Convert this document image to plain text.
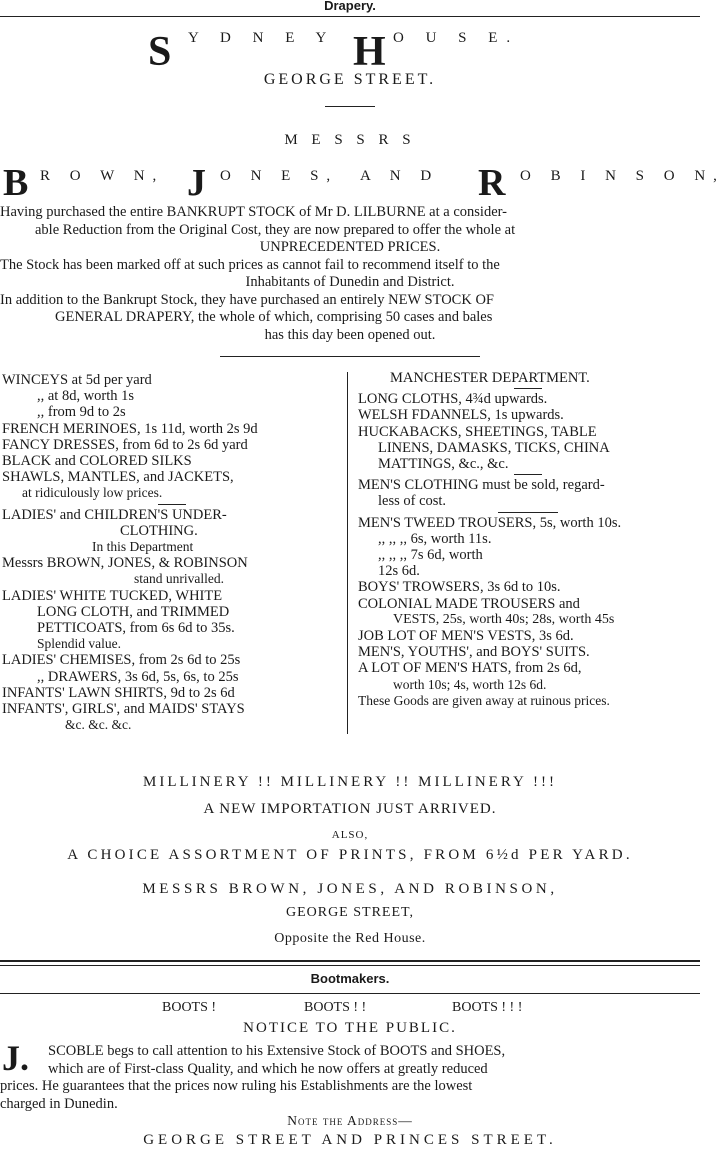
Drapery.
S Y D N E Y H O U S E.
GEORGE STREET.
M E S S R S
B R O W N, J O N E S, A N D R O B I N S O N,
Having purchased the entire BANKRUPT STOCK of Mr D. LILBURNE at a consider-
able Reduction from the Original Cost, they are now prepared to offer the whole at
UNPRECEDENTED PRICES.
The Stock has been marked off at such prices as cannot fail to recommend itself to the
Inhabitants of Dunedin and District.
In addition to the Bankrupt Stock, they have purchased an entirely NEW STOCK OF
GENERAL DRAPERY, the whole of which, comprising 50 cases and bales
has this day been opened out.
WINCEYS at 5d per yard
,, at 8d, worth 1s
,, from 9d to 2s
FRENCH MERINOES, 1s 11d, worth 2s 9d
FANCY DRESSES, from 6d to 2s 6d yard
BLACK and COLORED SILKS
SHAWLS, MANTLES, and JACKETS,
at ridiculously low prices.
LADIES' and CHILDREN'S UNDER-
CLOTHING.
In this Department
Messrs BROWN, JONES, & ROBINSON
stand unrivalled.
LADIES' WHITE TUCKED, WHITE
LONG CLOTH, and TRIMMED
PETTICOATS, from 6s 6d to 35s.
Splendid value.
LADIES' CHEMISES, from 2s 6d to 25s
,, DRAWERS, 3s 6d, 5s, 6s, to 25s
INFANTS' LAWN SHIRTS, 9d to 2s 6d
INFANTS', GIRLS', and MAIDS' STAYS
&c. &c. &c.
MANCHESTER DEPARTMENT.
LONG CLOTHS, 4¾d upwards.
WELSH FDANNELS, 1s upwards.
HUCKABACKS, SHEETINGS, TABLE
LINENS, DAMASKS, TICKS, CHINA
MATTINGS, &c., &c.
MEN'S CLOTHING must be sold, regard-
less of cost.
MEN'S TWEED TROUSERS, 5s, worth 10s.
,, ,, ,, 6s, worth 11s.
,, ,, ,, 7s 6d, worth
12s 6d.
BOYS' TROWSERS, 3s 6d to 10s.
COLONIAL MADE TROUSERS and
VESTS, 25s, worth 40s; 28s, worth 45s
JOB LOT OF MEN'S VESTS, 3s 6d.
MEN'S, YOUTHS', and BOYS' SUITS.
A LOT OF MEN'S HATS, from 2s 6d,
worth 10s; 4s, worth 12s 6d.
These Goods are given away at ruinous prices.
MILLINERY !! MILLINERY !! MILLINERY !!!
A NEW IMPORTATION JUST ARRIVED.
ALSO,
A CHOICE ASSORTMENT OF PRINTS, FROM 6½d PER YARD.
MESSRS BROWN, JONES, AND ROBINSON,
GEORGE STREET,
Opposite the Red House.
Bootmakers.
BOOTS !	BOOTS ! !	BOOTS ! ! !
NOTICE TO THE PUBLIC.
J.	SCOBLE begs to call attention to his Extensive Stock of BOOTS and SHOES,
which are of First-class Quality, and which he now offers at greatly reduced
prices. He guarantees that the prices now ruling his Establishments are the lowest
charged in Dunedin.
Note the Address—
GEORGE STREET AND PRINCES STREET.
